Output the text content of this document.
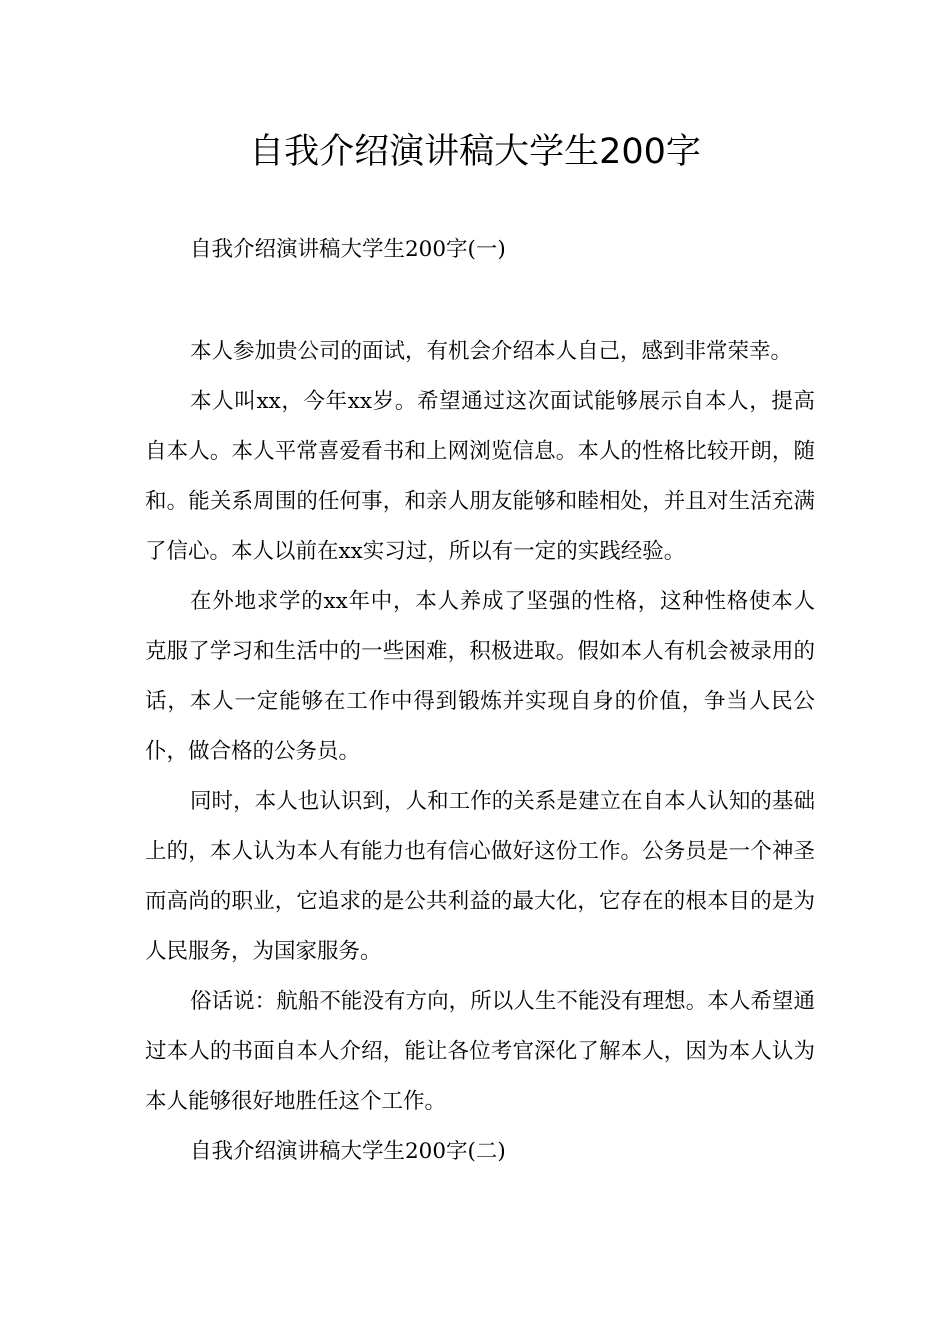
自我介绍演讲稿大学生200字

自我介绍演讲稿大学生200字(一)

本人参加贵公司的面试，有机会介绍本人自己，感到非常荣幸。

本人叫xx，今年xx岁。希望通过这次面试能够展示自本人，提高自本人。本人平常喜爱看书和上网浏览信息。本人的性格比较开朗，随和。能关系周围的任何事，和亲人朋友能够和睦相处，并且对生活充满了信心。本人以前在xx实习过，所以有一定的实践经验。

在外地求学的xx年中，本人养成了坚强的性格，这种性格使本人克服了学习和生活中的一些困难，积极进取。假如本人有机会被录用的话，本人一定能够在工作中得到锻炼并实现自身的价值，争当人民公仆，做合格的公务员。

同时，本人也认识到，人和工作的关系是建立在自本人认知的基础上的，本人认为本人有能力也有信心做好这份工作。公务员是一个神圣而高尚的职业，它追求的是公共利益的最大化，它存在的根本目的是为人民服务，为国家服务。

俗话说：航船不能没有方向，所以人生不能没有理想。本人希望通过本人的书面自本人介绍，能让各位考官深化了解本人，因为本人认为本人能够很好地胜任这个工作。

自我介绍演讲稿大学生200字(二)
